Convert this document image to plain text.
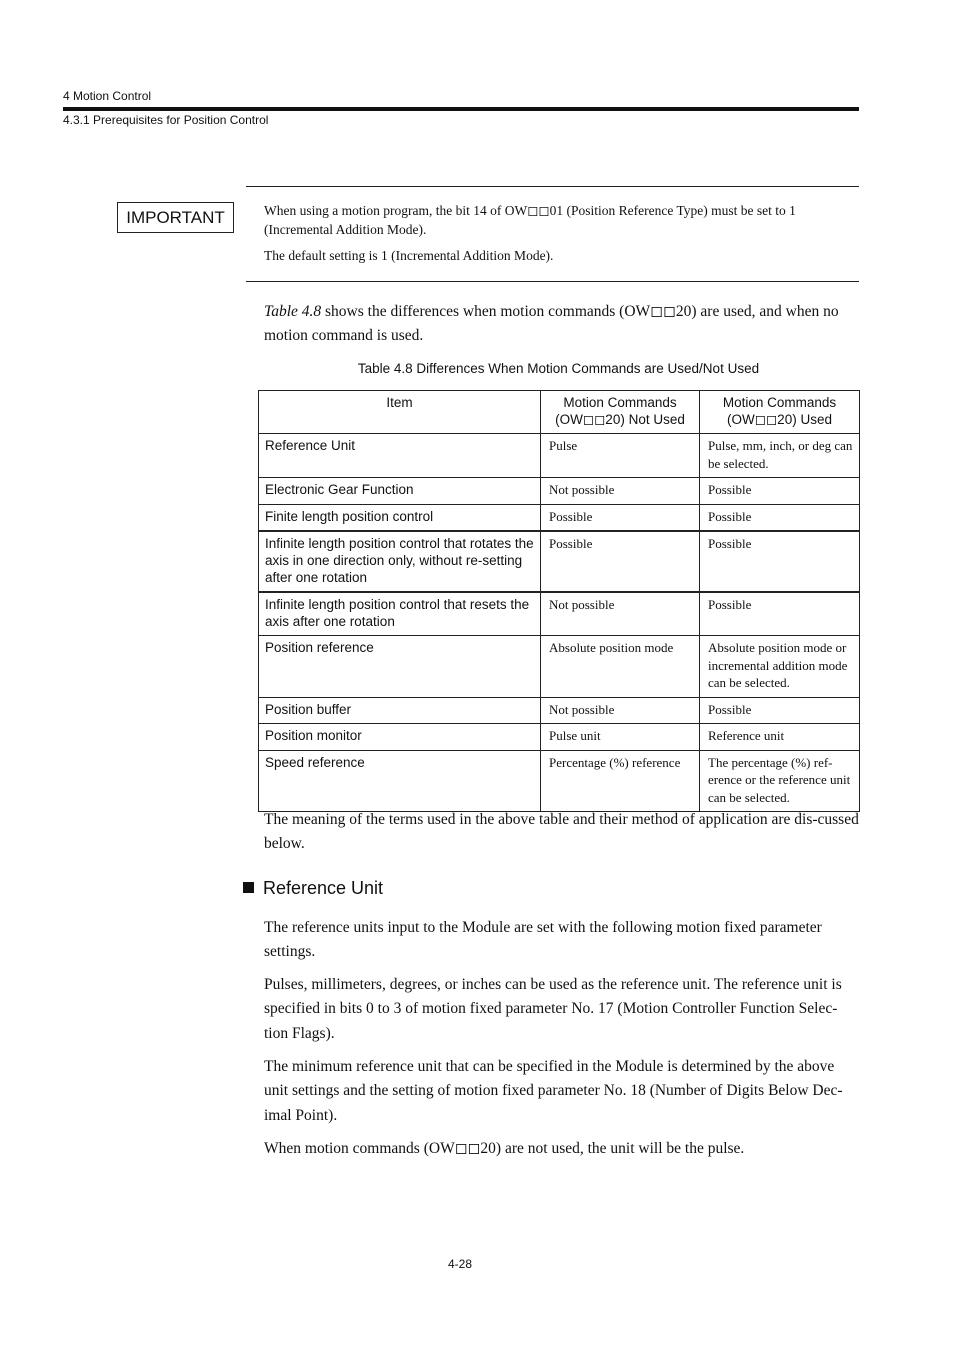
4 Motion Control
4.3.1 Prerequisites for Position Control
IMPORTANT	When using a motion program, the bit 14 of OW◻◻01 (Position Reference Type) must be set to 1 (Incremental Addition Mode).
The default setting is 1 (Incremental Addition Mode).
Table 4.8 shows the differences when motion commands (OW◻◻20) are used, and when no motion command is used.
Table 4.8 Differences When Motion Commands are Used/Not Used
Item	Motion Commands (OW◻◻20) Not Used	Motion Commands (OW◻◻20) Used
Reference Unit	Pulse	Pulse, mm, inch, or deg can be selected.
Electronic Gear Function	Not possible	Possible
Finite length position control	Possible	Possible
Infinite length position control that rotates the axis in one direction only, without re-setting after one rotation	Possible	Possible
Infinite length position control that resets the axis after one rotation	Not possible	Possible
Position reference	Absolute position mode	Absolute position mode or incremental addition mode can be selected.
Position buffer	Not possible	Possible
Position monitor	Pulse unit	Reference unit
Speed reference	Percentage (%) reference	The percentage (%) ref-erence or the reference unit can be selected.
The meaning of the terms used in the above table and their method of application are dis-cussed below.
Reference Unit
The reference units input to the Module are set with the following motion fixed parameter settings.
Pulses, millimeters, degrees, or inches can be used as the reference unit. The reference unit is specified in bits 0 to 3 of motion fixed parameter No. 17 (Motion Controller Function Selec-tion Flags).
The minimum reference unit that can be specified in the Module is determined by the above unit settings and the setting of motion fixed parameter No. 18 (Number of Digits Below Dec-imal Point).
When motion commands (OW◻◻20) are not used, the unit will be the pulse.
4-28
